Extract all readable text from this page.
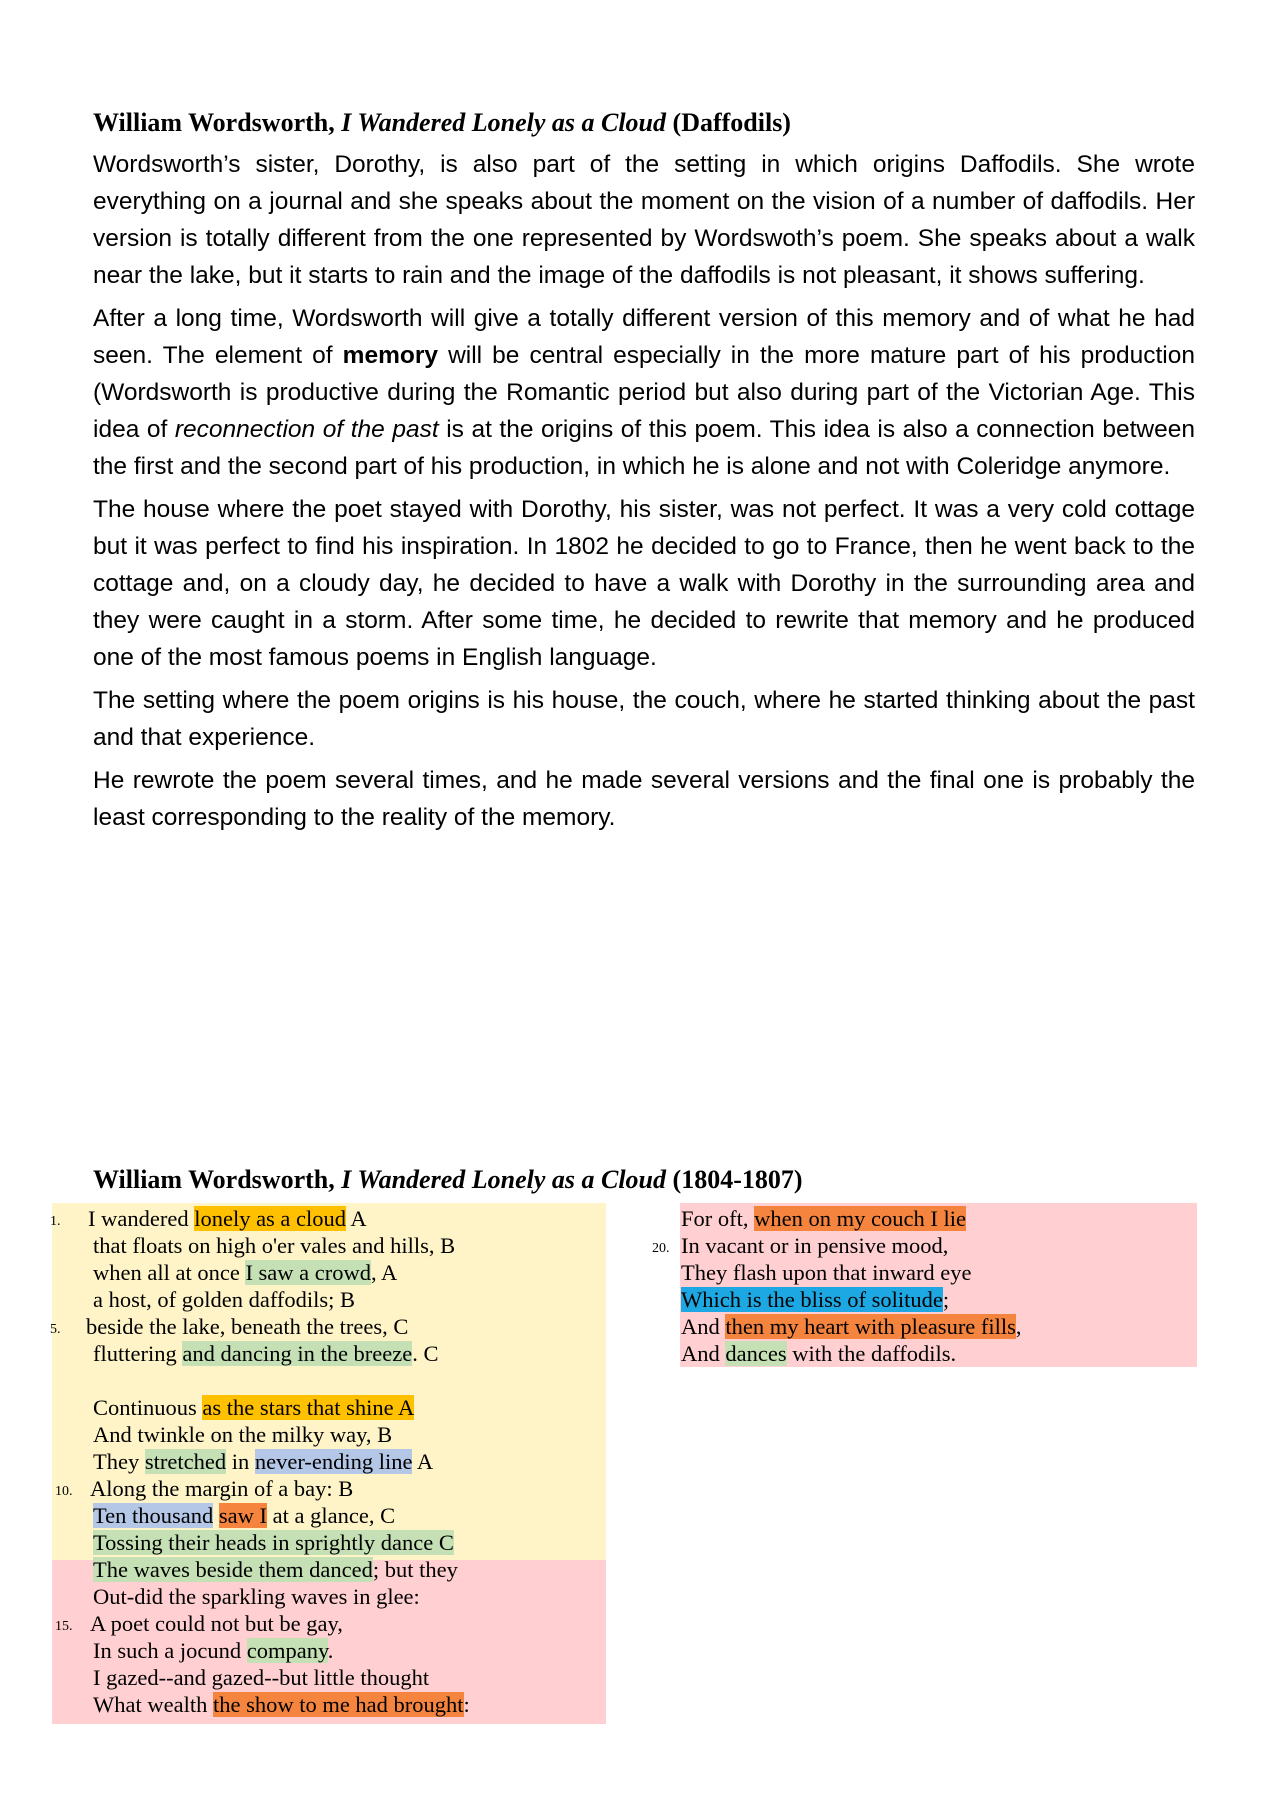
William Wordsworth, I Wandered Lonely as a Cloud (Daffodils)

Wordsworth’s sister, Dorothy, is also part of the setting in which origins Daffodils. She wrote everything on a journal and she speaks about the moment on the vision of a number of daffodils. Her version is totally different from the one represented by Wordswoth’s poem. She speaks about a walk near the lake, but it starts to rain and the image of the daffodils is not pleasant, it shows suffering.

After a long time, Wordsworth will give a totally different version of this memory and of what he had seen. The element of memory will be central especially in the more mature part of his production (Wordsworth is productive during the Romantic period but also during part of the Victorian Age. This idea of reconnection of the past is at the origins of this poem. This idea is also a connection between the first and the second part of his production, in which he is alone and not with Coleridge anymore.

The house where the poet stayed with Dorothy, his sister, was not perfect. It was a very cold cottage but it was perfect to find his inspiration. In 1802 he decided to go to France, then he went back to the cottage and, on a cloudy day, he decided to have a walk with Dorothy in the surrounding area and they were caught in a storm. After some time, he decided to rewrite that memory and he produced one of the most famous poems in English language.

The setting where the poem origins is his house, the couch, where he started thinking about the past and that experience.

He rewrote the poem several times, and he made several versions and the final one is probably the least corresponding to the reality of the memory.

William Wordsworth, I Wandered Lonely as a Cloud (1804-1807)
1.
5.
10.
15.
20.
I wandered lonely as a cloud A
that floats on high o'er vales and hills, B
when all at once I saw a crowd, A
a host, of golden daffodils; B
beside the lake, beneath the trees, C
fluttering and dancing in the breeze. C
Continuous as the stars that shine A
And twinkle on the milky way, B
They stretched in never-ending line A
Along the margin of a bay: B
Ten thousand saw I at a glance, C
Tossing their heads in sprightly dance C
The waves beside them danced; but they
Out-did the sparkling waves in glee:
A poet could not but be gay,
In such a jocund company.
I gazed--and gazed--but little thought
What wealth the show to me had brought:
For oft, when on my couch I lie
In vacant or in pensive mood,
They flash upon that inward eye
Which is the bliss of solitude;
And then my heart with pleasure fills,
And dances with the daffodils.
